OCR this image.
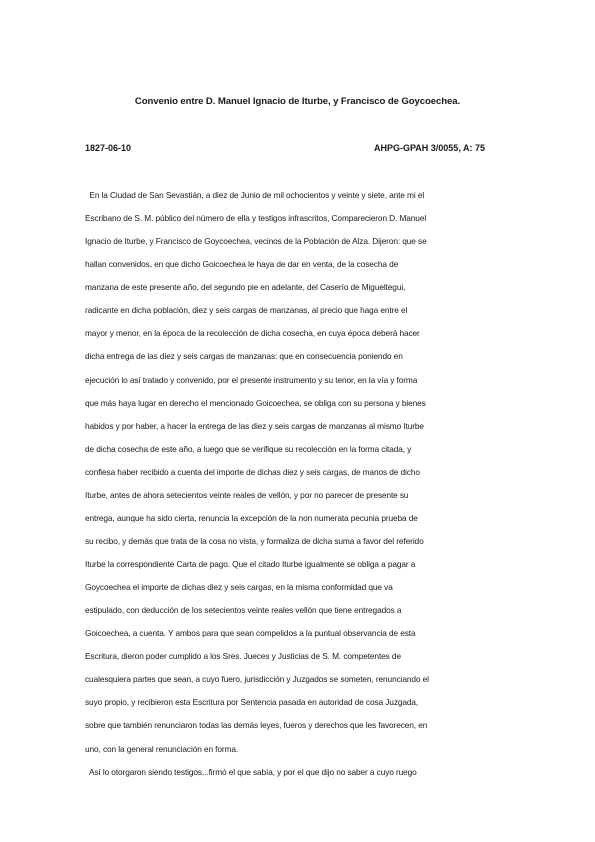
Convenio entre D. Manuel Ignacio de Iturbe, y Francisco de Goycoechea.
1827-06-10	AHPG-GPAH 3/0055, A: 75
En la Ciudad de San Sevastián, a diez de Junio de mil ochocientos y veinte y siete, ante mi el
Escribano de S. M. público del número de ella y testigos infrascritos, Comparecieron D. Manuel
Ignacio de Iturbe, y Francisco de Goycoechea, vecinos de la Población de Alza. Dijeron: que se
hallan convenidos, en que dicho Goicoechea le haya de dar en venta, de la cosecha de
manzana de este presente año, del segundo pie en adelante, del Caserío de Migueltegui,
radicante en dicha población, diez y seis cargas de manzanas, al precio que haga entre el
mayor y menor, en la época de la recolección de dicha cosecha, en cuya época deberá hacer
dicha entrega de las diez y seis cargas de manzanas: que en consecuencia poniendo en
ejecución lo así tratado y convenido, por el presente instrumento y su tenor, en la vía y forma
que más haya lugar en derecho el mencionado Goicoechea, se obliga con su persona y bienes
habidos y por haber, a hacer la entrega de las diez y seis cargas de manzanas al mismo Iturbe
de dicha cosecha de este año, a luego que se verifique su recolección en la forma citada, y
confiesa haber recibido a cuenta del importe de dichas diez y seis cargas, de manos de dicho
Iturbe, antes de ahora setecientos veinte reales de vellón, y por no parecer de presente su
entrega, aunque ha sido cierta, renuncia la excepción de la non numerata pecunia prueba de
su recibo, y demás que trata de la cosa no vista, y formaliza de dicha suma a favor del referido
Iturbe la correspondiente Carta de pago. Que el citado Iturbe igualmente se obliga a pagar a
Goycoechea el importe de dichas diez y seis cargas, en la misma conformidad que va
estipulado, con deducción de los setecientos veinte reales vellón que tiene entregados a
Goicoechea, a cuenta. Y ambos para que sean compelidos a la puntual observancia de esta
Escritura, dieron poder cumplido a los Sres. Jueces y Justicias de S. M. competentes de
cualesquiera partes que sean, a cuyo fuero, jurisdicción y Juzgados se someten, renunciando el
suyo propio, y recibieron esta Escritura por Sentencia pasada en autoridad de cosa Juzgada,
sobre que también renunciaron todas las demás leyes, fueros y derechos que les favorecen, en
uno, con la general renunciación en forma.
Así lo otorgaron siendo testigos...firmó el que sabía, y por el que dijo no saber a cuyo ruego
